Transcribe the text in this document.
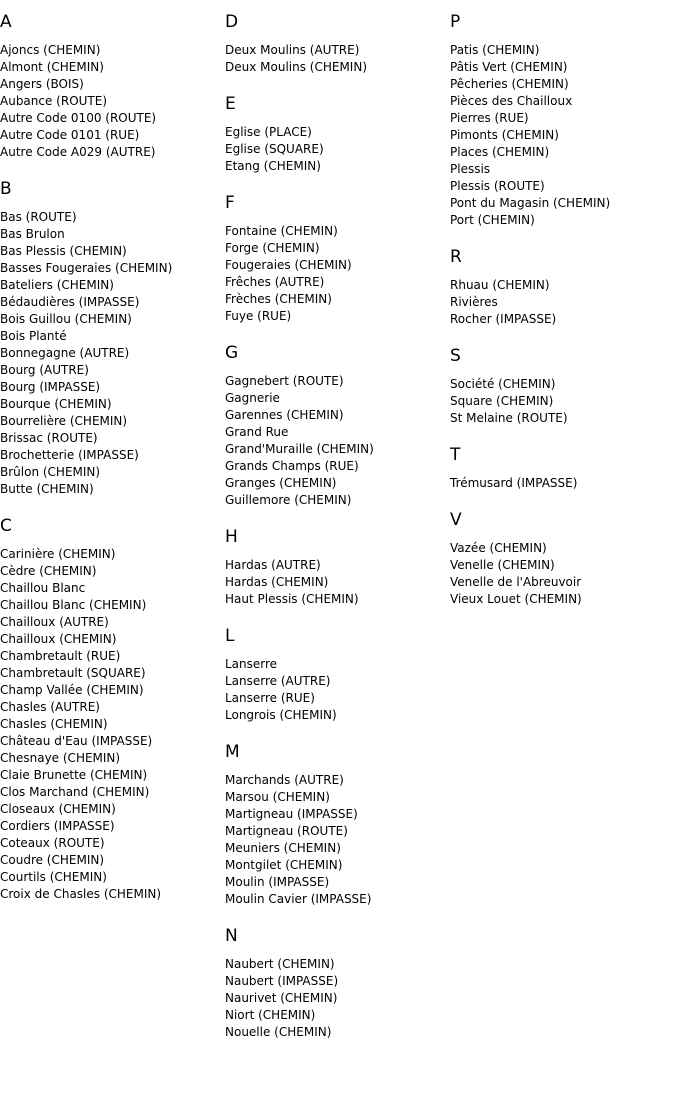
A
Ajoncs (CHEMIN)
Almont (CHEMIN)
Angers (BOIS)
Aubance (ROUTE)
Autre Code 0100 (ROUTE)
Autre Code 0101 (RUE)
Autre Code A029 (AUTRE)
B
Bas (ROUTE)
Bas Brulon
Bas Plessis (CHEMIN)
Basses Fougeraies (CHEMIN)
Bateliers (CHEMIN)
Bédaudières (IMPASSE)
Bois Guillou (CHEMIN)
Bois Planté
Bonnegagne (AUTRE)
Bourg (AUTRE)
Bourg (IMPASSE)
Bourque (CHEMIN)
Bourrelière (CHEMIN)
Brissac (ROUTE)
Brochetterie (IMPASSE)
Brûlon (CHEMIN)
Butte (CHEMIN)
C
Carinière (CHEMIN)
Cèdre (CHEMIN)
Chaillou Blanc
Chaillou Blanc (CHEMIN)
Chailloux (AUTRE)
Chailloux (CHEMIN)
Chambretault (RUE)
Chambretault (SQUARE)
Champ Vallée (CHEMIN)
Chasles (AUTRE)
Chasles (CHEMIN)
Château d'Eau (IMPASSE)
Chesnaye (CHEMIN)
Claie Brunette (CHEMIN)
Clos Marchand (CHEMIN)
Closeaux (CHEMIN)
Cordiers (IMPASSE)
Coteaux (ROUTE)
Coudre (CHEMIN)
Courtils (CHEMIN)
Croix de Chasles (CHEMIN)
D
Deux Moulins (AUTRE)
Deux Moulins (CHEMIN)
E
Eglise (PLACE)
Eglise (SQUARE)
Etang (CHEMIN)
F
Fontaine (CHEMIN)
Forge (CHEMIN)
Fougeraies (CHEMIN)
Frêches (AUTRE)
Frèches (CHEMIN)
Fuye (RUE)
G
Gagnebert (ROUTE)
Gagnerie
Garennes (CHEMIN)
Grand Rue
Grand'Muraille (CHEMIN)
Grands Champs (RUE)
Granges (CHEMIN)
Guillemore (CHEMIN)
H
Hardas (AUTRE)
Hardas (CHEMIN)
Haut Plessis (CHEMIN)
L
Lanserre
Lanserre (AUTRE)
Lanserre (RUE)
Longrois (CHEMIN)
M
Marchands (AUTRE)
Marsou (CHEMIN)
Martigneau (IMPASSE)
Martigneau (ROUTE)
Meuniers (CHEMIN)
Montgilet (CHEMIN)
Moulin (IMPASSE)
Moulin Cavier (IMPASSE)
N
Naubert (CHEMIN)
Naubert (IMPASSE)
Naurivet (CHEMIN)
Niort (CHEMIN)
Nouelle (CHEMIN)
P
Patis (CHEMIN)
Pâtis Vert (CHEMIN)
Pêcheries (CHEMIN)
Pièces des Chailloux
Pierres (RUE)
Pimonts (CHEMIN)
Places (CHEMIN)
Plessis
Plessis (ROUTE)
Pont du Magasin (CHEMIN)
Port (CHEMIN)
R
Rhuau (CHEMIN)
Rivières
Rocher (IMPASSE)
S
Société (CHEMIN)
Square (CHEMIN)
St Melaine (ROUTE)
T
Trémusard (IMPASSE)
V
Vazée (CHEMIN)
Venelle (CHEMIN)
Venelle de l'Abreuvoir
Vieux Louet (CHEMIN)
